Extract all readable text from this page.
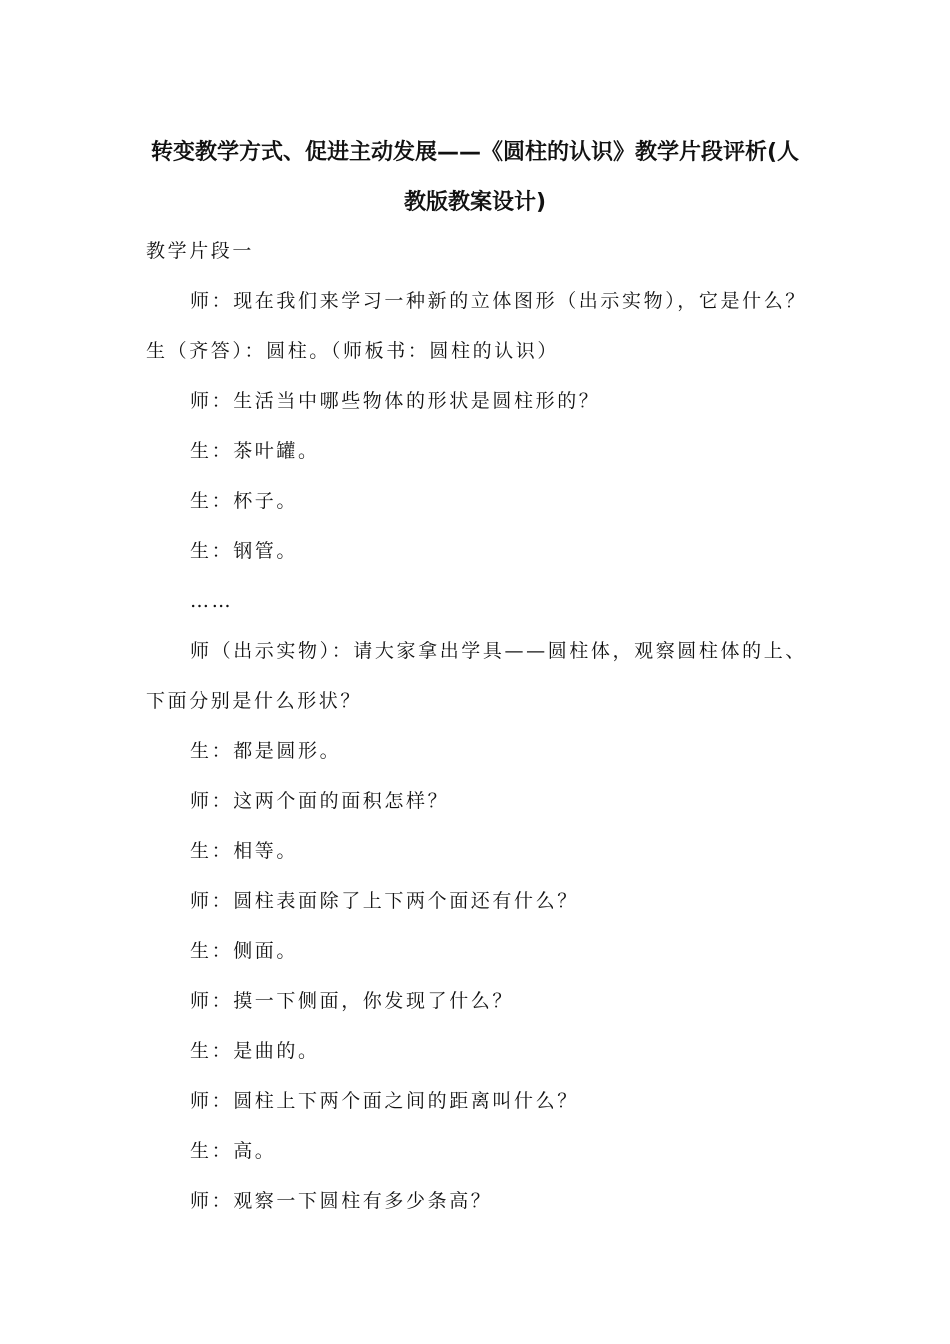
转变教学方式、促进主动发展——《圆柱的认识》教学片段评析(人教版教案设计)

教学片段一

师：现在我们来学习一种新的立体图形（出示实物），它是什么？生（齐答）：圆柱。（师板书：圆柱的认识）

师：生活当中哪些物体的形状是圆柱形的？

生：茶叶罐。

生：杯子。

生：钢管。

……

师（出示实物）：请大家拿出学具——圆柱体，观察圆柱体的上、下面分别是什么形状？

生：都是圆形。

师：这两个面的面积怎样？

生：相等。

师：圆柱表面除了上下两个面还有什么？

生：侧面。

师：摸一下侧面，你发现了什么？

生：是曲的。

师：圆柱上下两个面之间的距离叫什么？

生：高。

师：观察一下圆柱有多少条高？
